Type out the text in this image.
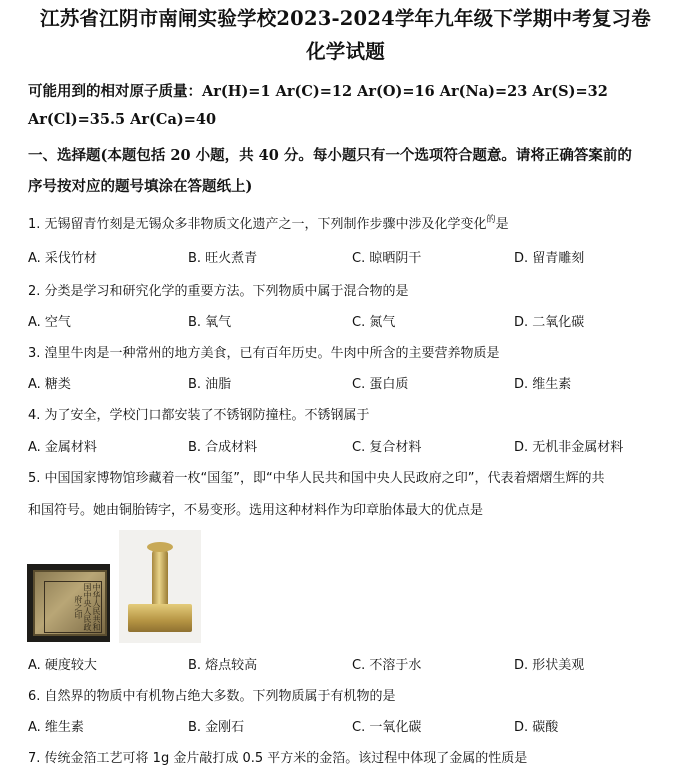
江苏省江阴市南闸实验学校2023-2024学年九年级下学期中考复习卷
化学试题
可能用到的相对原子质量：Ar(H)=1 Ar(C)=12 Ar(O)=16 Ar(Na)=23 Ar(S)=32
Ar(Cl)=35.5 Ar(Ca)=40
一、选择题(本题包括 20 小题，共 40 分。每小题只有一个选项符合题意。请将正确答案前的
序号按对应的题号填涂在答题纸上)
1. 无锡留青竹刻是无锡众多非物质文化遗产之一，下列制作步骤中涉及化学变化$^的$是
A. 采伐竹材	B. 旺火煮青	C. 晾晒阴干	D. 留青雕刻
2. 分类是学习和研究化学的重要方法。下列物质中属于混合物的是
A. 空气	B. 氧气	C. 氮气	D. 二氧化碳
3. 湟里牛肉是一种常州的地方美食，已有百年历史。牛肉中所含的主要营养物质是
A. 糖类	B. 油脂	C. 蛋白质	D. 维生素
4. 为了安全，学校门口都安装了不锈钢防撞柱。不锈钢属于
A. 金属材料	B. 合成材料	C. 复合材料	D. 无机非金属材料
5. 中国国家博物馆珍藏着一枚“国玺”，即“中华人民共和国中央人民政府之印”，代表着熠熠生辉的共
和国符号。她由铜胎铸字，不易变形。选用这种材料作为印章胎体最大的优点是
中华人民共和国中央人民政府之印
A. 硬度较大	B. 熔点较高	C. 不溶于水	D. 形状美观
6. 自然界的物质中有机物占绝大多数。下列物质属于有机物的是
A. 维生素	B. 金刚石	C. 一氧化碳	D. 碳酸
7. 传统金箔工艺可将 1g 金片敲打成 0.5 平方米的金箔。该过程中体现了金属的性质是
